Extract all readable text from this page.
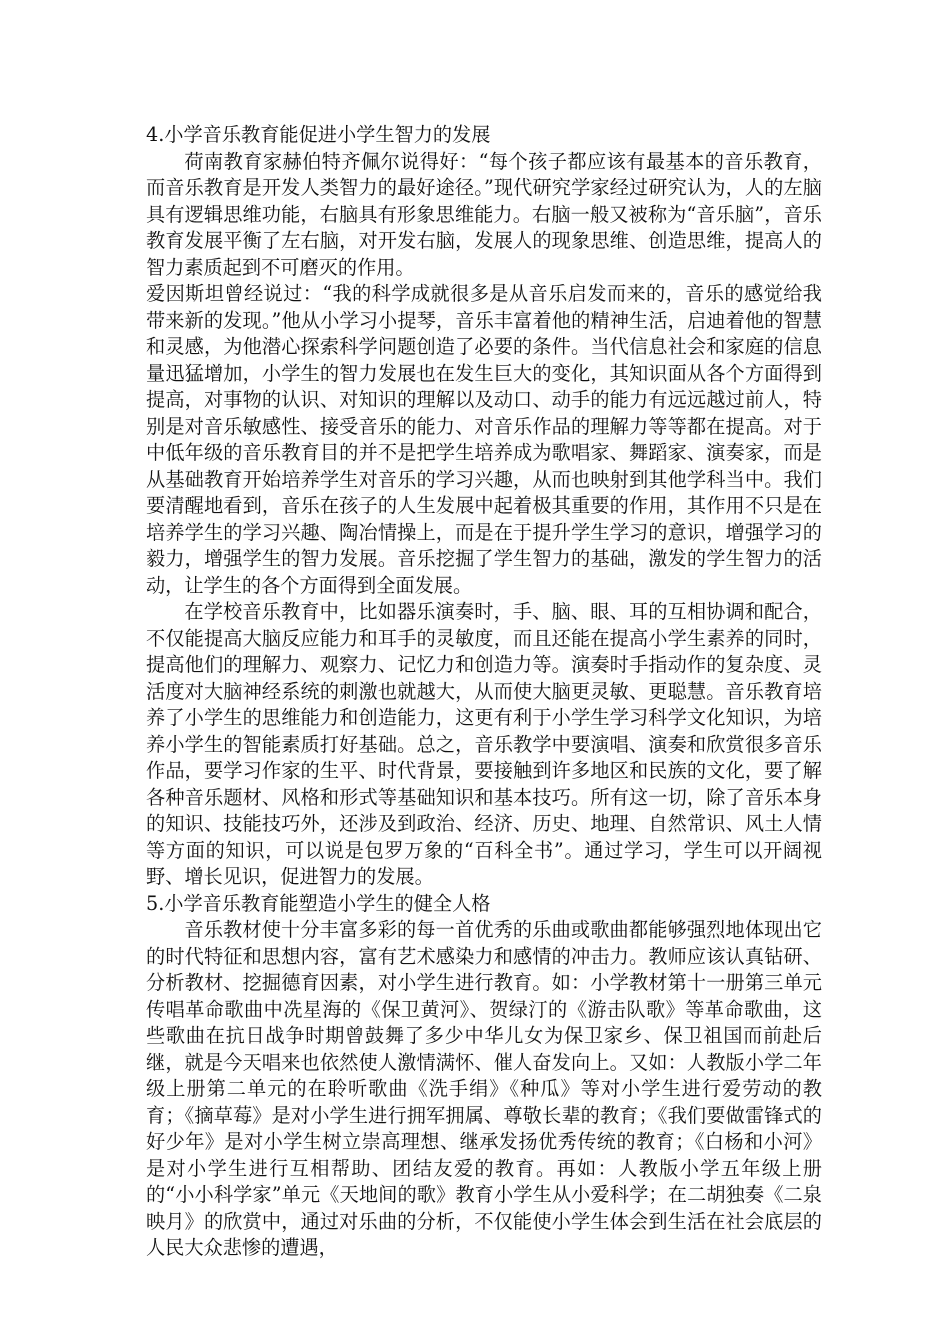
4.小学音乐教育能促进小学生智力的发展

荷南教育家赫伯特齐佩尔说得好：“每个孩子都应该有最基本的音乐教育，而音乐教育是开发人类智力的最好途径。”现代研究学家经过研究认为，人的左脑具有逻辑思维功能，右脑具有形象思维能力。右脑一般又被称为“音乐脑”，音乐教育发展平衡了左右脑，对开发右脑，发展人的现象思维、创造思维，提高人的智力素质起到不可磨灭的作用。

爱因斯坦曾经说过：“我的科学成就很多是从音乐启发而来的，音乐的感觉给我带来新的发现。”他从小学习小提琴，音乐丰富着他的精神生活，启迪着他的智慧和灵感，为他潜心探索科学问题创造了必要的条件。当代信息社会和家庭的信息量迅猛增加，小学生的智力发展也在发生巨大的变化，其知识面从各个方面得到提高，对事物的认识、对知识的理解以及动口、动手的能力有远远越过前人，特别是对音乐敏感性、接受音乐的能力、对音乐作品的理解力等等都在提高。对于中低年级的音乐教育目的并不是把学生培养成为歌唱家、舞蹈家、演奏家，而是从基础教育开始培养学生对音乐的学习兴趣，从而也映射到其他学科当中。我们要清醒地看到，音乐在孩子的人生发展中起着极其重要的作用，其作用不只是在培养学生的学习兴趣、陶冶情操上，而是在于提升学生学习的意识，增强学习的毅力，增强学生的智力发展。音乐挖掘了学生智力的基础，激发的学生智力的活动，让学生的各个方面得到全面发展。

在学校音乐教育中，比如器乐演奏时，手、脑、眼、耳的互相协调和配合，不仅能提高大脑反应能力和耳手的灵敏度，而且还能在提高小学生素养的同时，提高他们的理解力、观察力、记忆力和创造力等。演奏时手指动作的复杂度、灵活度对大脑神经系统的刺激也就越大，从而使大脑更灵敏、更聪慧。音乐教育培养了小学生的思维能力和创造能力，这更有利于小学生学习科学文化知识，为培养小学生的智能素质打好基础。总之，音乐教学中要演唱、演奏和欣赏很多音乐作品，要学习作家的生平、时代背景，要接触到许多地区和民族的文化，要了解各种音乐题材、风格和形式等基础知识和基本技巧。所有这一切，除了音乐本身的知识、技能技巧外，还涉及到政治、经济、历史、地理、自然常识、风土人情等方面的知识，可以说是包罗万象的“百科全书”。通过学习，学生可以开阔视野、增长见识，促进智力的发展。

5.小学音乐教育能塑造小学生的健全人格

音乐教材使十分丰富多彩的每一首优秀的乐曲或歌曲都能够强烈地体现出它的时代特征和思想内容，富有艺术感染力和感情的冲击力。教师应该认真钻研、分析教材、挖掘德育因素，对小学生进行教育。如：小学教材第十一册第三单元传唱革命歌曲中冼星海的《保卫黄河》、贺绿汀的《游击队歌》等革命歌曲，这些歌曲在抗日战争时期曾鼓舞了多少中华儿女为保卫家乡、保卫祖国而前赴后继，就是今天唱来也依然使人激情满怀、催人奋发向上。又如：人教版小学二年级上册第二单元的在聆听歌曲《洗手绢》《种瓜》等对小学生进行爱劳动的教育；《摘草莓》是对小学生进行拥军拥属、尊敬长辈的教育；《我们要做雷锋式的好少年》是对小学生树立崇高理想、继承发扬优秀传统的教育；《白杨和小河》是对小学生进行互相帮助、团结友爱的教育。再如：人教版小学五年级上册的“小小科学家”单元《天地间的歌》教育小学生从小爱科学；在二胡独奏《二泉映月》的欣赏中，通过对乐曲的分析，不仅能使小学生体会到生活在社会底层的人民大众悲惨的遭遇，
